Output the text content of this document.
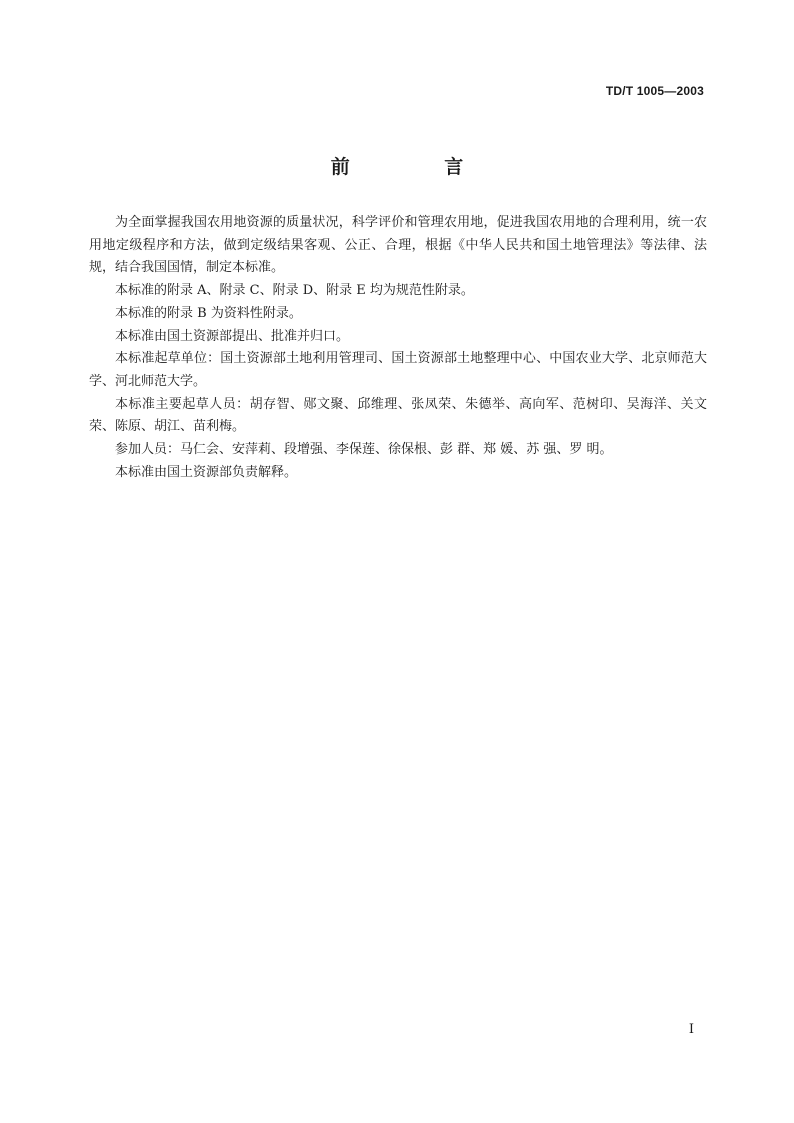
TD/T 1005—2003
前 言

为全面掌握我国农用地资源的质量状况，科学评价和管理农用地，促进我国农用地的合理利用，统一农用地定级程序和方法，做到定级结果客观、公正、合理，根据《中华人民共和国土地管理法》等法律、法规，结合我国国情，制定本标准。

本标准的附录 A、附录 C、附录 D、附录 E 均为规范性附录。

本标准的附录 B 为资料性附录。

本标准由国土资源部提出、批准并归口。

本标准起草单位：国土资源部土地利用管理司、国土资源部土地整理中心、中国农业大学、北京师范大学、河北师范大学。

本标准主要起草人员：胡存智、郧文聚、邱维理、张凤荣、朱德举、高向军、范树印、吴海洋、关文荣、陈原、胡江、苗利梅。

参加人员：马仁会、安萍莉、段增强、李保莲、徐保根、彭 群、郑 媛、苏 强、罗 明。

本标准由国土资源部负责解释。

I
